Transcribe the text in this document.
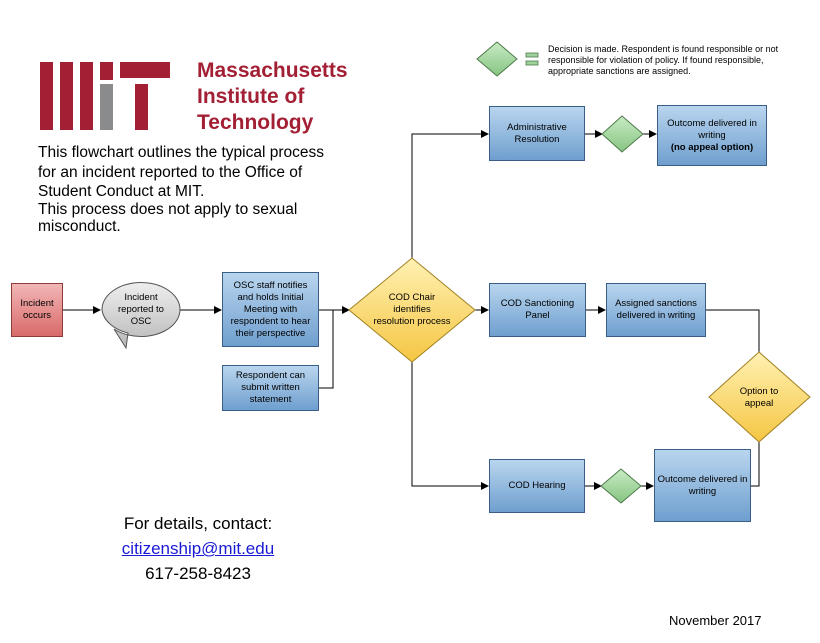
Massachusetts
Institute of
Technology
This flowchart outlines the typical process
for an incident reported to the Office of
Student Conduct at MIT.
This process does not apply to sexual
misconduct.
Decision is made. Respondent is found responsible or not responsible for violation of policy. If found responsible, appropriate sanctions are assigned.
Incident occurs
Incident reported to OSC
OSC staff notifies and holds Initial Meeting with respondent to hear their perspective
Respondent can submit written statement
COD Chair identifies resolution process
Administrative Resolution
Outcome delivered in writing
(no appeal option)
COD Sanctioning Panel
Assigned sanctions delivered in writing
Option to appeal
COD Hearing
Outcome delivered in writing
For details, contact:
citizenship@mit.edu
617-258-8423
November 2017
